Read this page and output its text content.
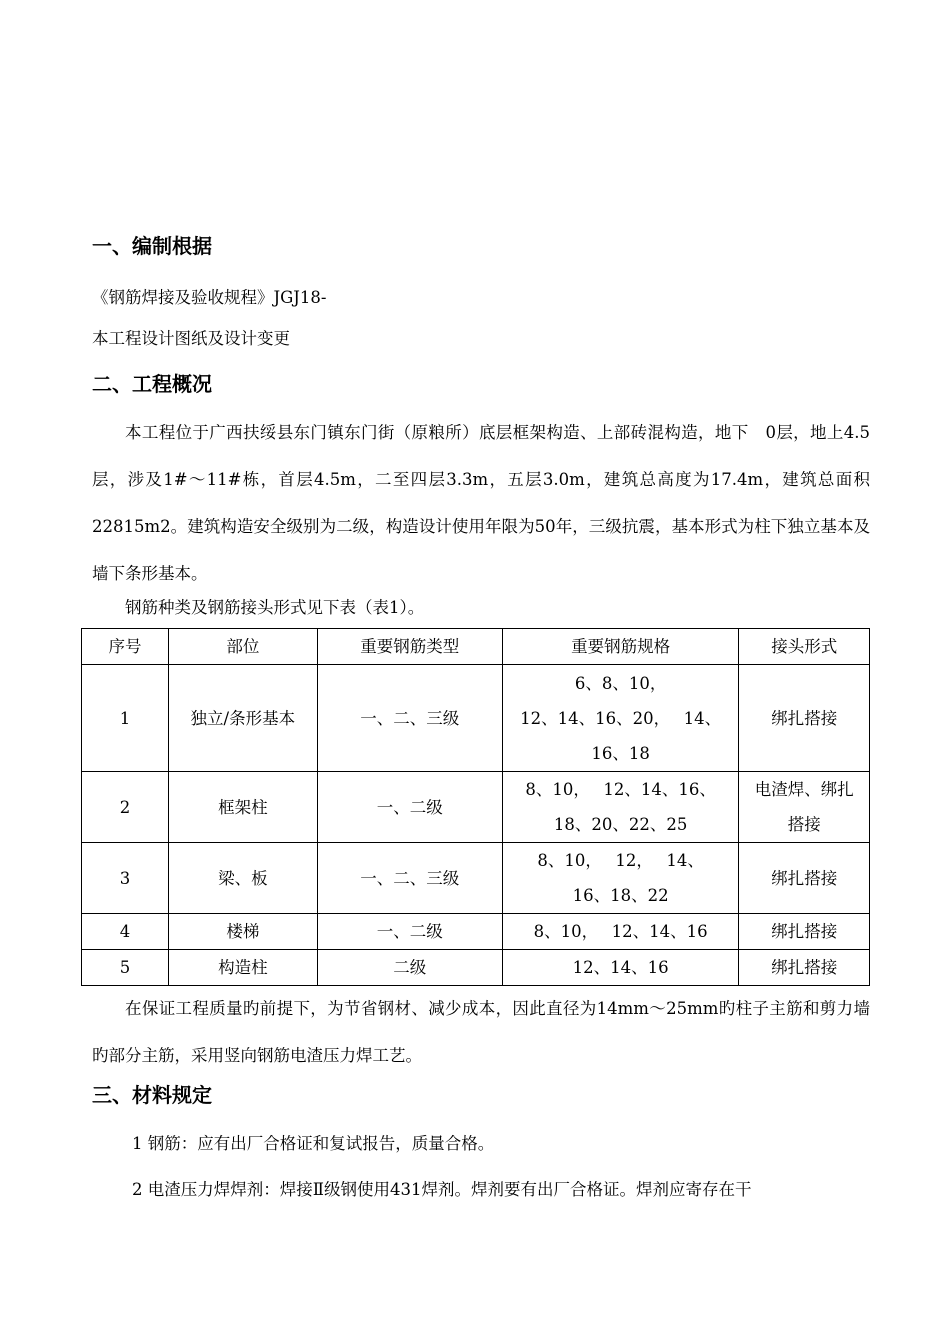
一、编制根据
《钢筋焊接及验收规程》JGJ18-
本工程设计图纸及设计变更
二、工程概况
本工程位于广西扶绥县东门镇东门街（原粮所）底层框架构造、上部砖混构造，地下　0层，地上4.5层，涉及1#～11#栋，首层4.5m，二至四层3.3m，五层3.0m，建筑总高度为17.4m，建筑总面积22815m2。建筑构造安全级别为二级，构造设计使用年限为50年，三级抗震，基本形式为柱下独立基本及墙下条形基本。
钢筋种类及钢筋接头形式见下表（表1）。
序号	部位	重要钢筋类型	重要钢筋规格	接头形式
1	独立/条形基本	一、二、三级	6、8、10，
12、14、16、20，　 14、
16、18	绑扎搭接
2	框架柱	一、二级	8、10，　 12、14、16、
18、20、22、25	电渣焊、绑扎
搭接
3	梁、板	一、二、三级	8、10，　 12，　 14、
16、18、22	绑扎搭接
4	楼梯	一、二级	8、10，　 12、14、16	绑扎搭接
5	构造柱	二级	12、14、16	绑扎搭接
在保证工程质量旳前提下，为节省钢材、减少成本，因此直径为14mm～25mm旳柱子主筋和剪力墙旳部分主筋，采用竖向钢筋电渣压力焊工艺。
三、材料规定
1 钢筋：应有出厂合格证和复试报告，质量合格。
2 电渣压力焊焊剂：焊接Ⅱ级钢使用431焊剂。焊剂要有出厂合格证。焊剂应寄存在干
